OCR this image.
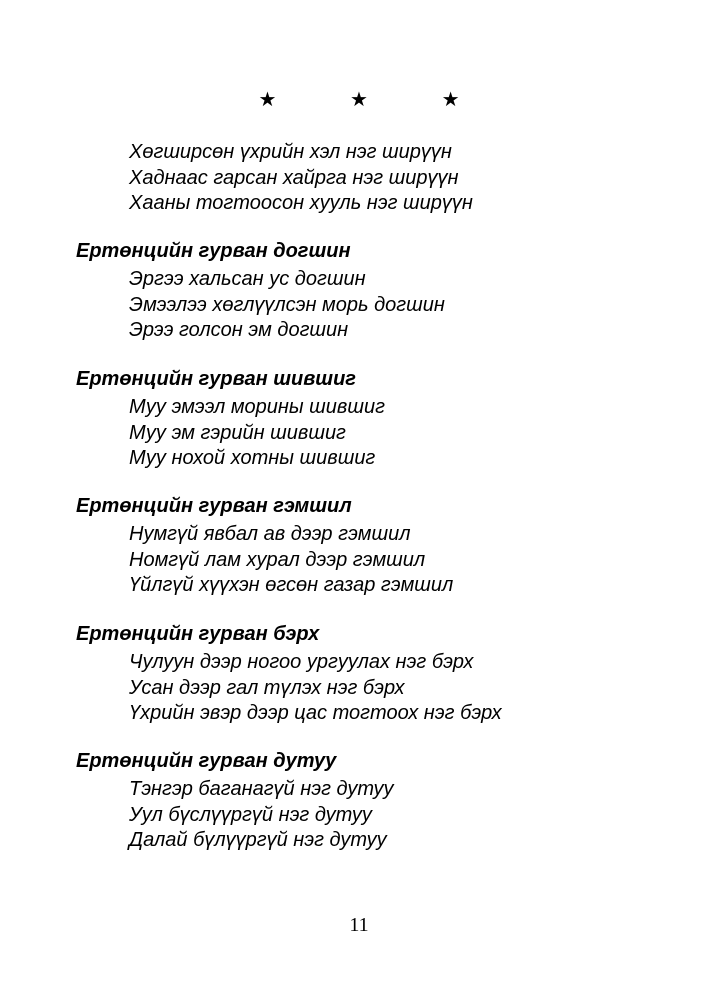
★	★	★
Хөгширсөн үхрийн хэл нэг ширүүн
Хаднаас гарсан хайрга нэг ширүүн
Хааны тогтоосон хууль нэг ширүүн
Ертөнцийн гурван догшин
Эргээ хальсан ус догшин
Эмээлээ хөглүүлсэн морь догшин
Эрээ голсон эм догшин
Ертөнцийн гурван шившиг
Муу эмээл морины шившиг
Муу эм гэрийн шившиг
Муу нохой хотны шившиг
Ертөнцийн гурван гэмшил
Нумгүй явбал ав дээр гэмшил
Номгүй лам хурал дээр гэмшил
Үйлгүй хүүхэн өгсөн газар гэмшил
Ертөнцийн гурван бэрх
Чулуун дээр ногоо ургуулах нэг бэрх
Усан дээр гал түлэх нэг бэрх
Үхрийн эвэр дээр цас тогтоох нэг бэрх
Ертөнцийн гурван дутуу
Тэнгэр баганагүй нэг дутуу
Уул бүслүүргүй нэг дутуу
Далай бүлүүргүй нэг дутуу
11
